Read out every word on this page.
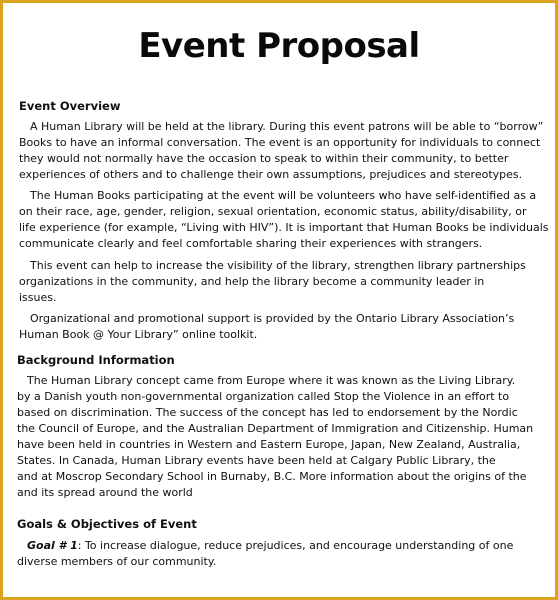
Event Proposal
Event Overview
A Human Library will be held at the library. During this event patrons will be able to “borrow”
Books to have an informal conversation. The event is an opportunity for individuals to connect
they would not normally have the occasion to speak to within their community, to better
experiences of others and to challenge their own assumptions, prejudices and stereotypes.
The Human Books participating at the event will be volunteers who have self-identified as a
on their race, age, gender, religion, sexual orientation, economic status, ability/disability, or
life experience (for example, “Living with HIV”). It is important that Human Books be individuals
communicate clearly and feel comfortable sharing their experiences with strangers.
This event can help to increase the visibility of the library, strengthen library partnerships
organizations in the community, and help the library become a community leader in
issues.
Organizational and promotional support is provided by the Ontario Library Association’s
Human Book @ Your Library” online toolkit.
Background Information
The Human Library concept came from Europe where it was known as the Living Library.
by a Danish youth non-governmental organization called Stop the Violence in an effort to
based on discrimination. The success of the concept has led to endorsement by the Nordic
the Council of Europe, and the Australian Department of Immigration and Citizenship. Human
have been held in countries in Western and Eastern Europe, Japan, New Zealand, Australia,
States. In Canada, Human Library events have been held at Calgary Public Library, the
and at Moscrop Secondary School in Burnaby, B.C. More information about the origins of the
and its spread around the world
Goals & Objectives of Event
Goal # 1: To increase dialogue, reduce prejudices, and encourage understanding of one
diverse members of our community.
